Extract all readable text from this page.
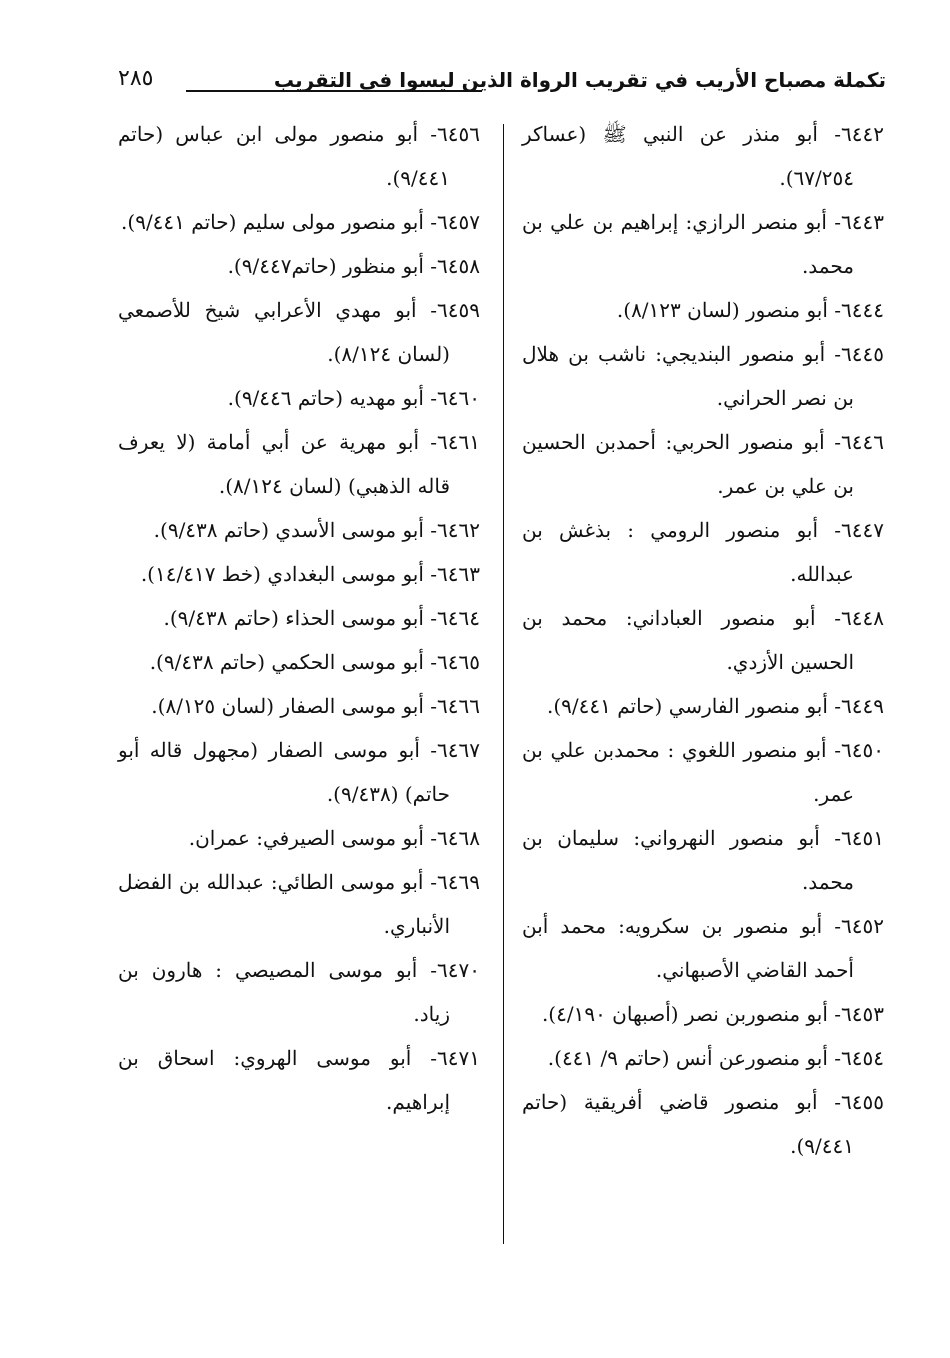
تكملة مصباح الأريب في تقريب الرواة الذين ليسوا في التقريب
٢٨٥

٦٤٤٢- أبو منذر عن النبي ﷺ (عساكر ٦٧/٢٥٤).

٦٤٤٣- أبو منصر الرازي: إبراهيم بن علي بن محمد.

٦٤٤٤- أبو منصور (لسان ٨/١٢٣).

٦٤٤٥- أبو منصور البنديجي: ناشب بن هلال بن نصر الحراني.

٦٤٤٦- أبو منصور الحربي: أحمدبن الحسين بن علي بن عمر.

٦٤٤٧- أبو منصور الرومي : بذغش بن عبدالله.

٦٤٤٨- أبو منصور العباداني: محمد بن الحسين الأزدي.

٦٤٤٩- أبو منصور الفارسي (حاتم ٩/٤٤١).

٦٤٥٠- أبو منصور اللغوي : محمدبن علي بن عمر.

٦٤٥١- أبو منصور النهرواني: سليمان بن محمد.

٦٤٥٢- أبو منصور بن سكرويه: محمد أبن أحمد القاضي الأصبهاني.

٦٤٥٣- أبو منصوربن نصر (أصبهان ٤/١٩٠).

٦٤٥٤- أبو منصورعن أنس (حاتم ٩/ ٤٤١).

٦٤٥٥- أبو منصور قاضي أفريقية (حاتم ٩/٤٤١).

٦٤٥٦- أبو منصور مولى ابن عباس (حاتم ٩/٤٤١).

٦٤٥٧- أبو منصور مولى سليم (حاتم ٩/٤٤١).

٦٤٥٨- أبو منظور (حاتم٩/٤٤٧).

٦٤٥٩- أبو مهدي الأعرابي شيخ للأصمعي (لسان ٨/١٢٤).

٦٤٦٠- أبو مهديه (حاتم ٩/٤٤٦).

٦٤٦١- أبو مهرية عن أبي أمامة (لا يعرف قاله الذهبي) (لسان ٨/١٢٤).

٦٤٦٢- أبو موسى الأسدي (حاتم ٩/٤٣٨).

٦٤٦٣- أبو موسى البغدادي (خط ١٤/٤١٧).

٦٤٦٤- أبو موسى الحذاء (حاتم ٩/٤٣٨).

٦٤٦٥- أبو موسى الحكمي (حاتم ٩/٤٣٨).

٦٤٦٦- أبو موسى الصفار (لسان ٨/١٢٥).

٦٤٦٧- أبو موسى الصفار (مجهول قاله أبو حاتم) (٩/٤٣٨).

٦٤٦٨- أبو موسى الصيرفي: عمران.

٦٤٦٩- أبو موسى الطائي: عبدالله بن الفضل الأنباري.

٦٤٧٠- أبو موسى المصيصي : هارون بن زياد.

٦٤٧١- أبو موسى الهروي: اسحاق بن إبراهيم.
